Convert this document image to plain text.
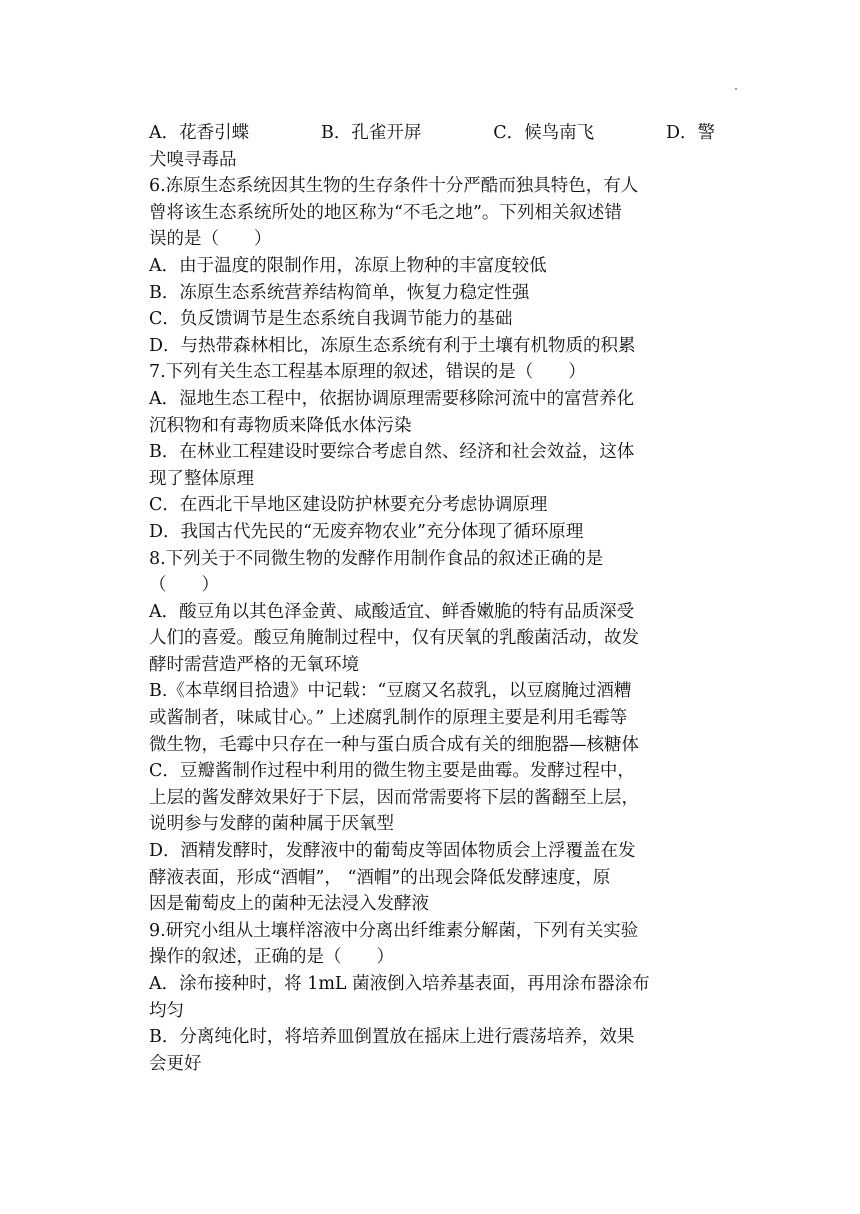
A．花香引蝶	B．孔雀开屏	C．候鸟南飞	D．警
犬嗅寻毒品
6.冻原生态系统因其生物的生存条件十分严酷而独具特色，有人
曾将该生态系统所处的地区称为“不毛之地”。下列相关叙述错
误的是（　　）
A．由于温度的限制作用，冻原上物种的丰富度较低
B．冻原生态系统营养结构简单，恢复力稳定性强
C．负反馈调节是生态系统自我调节能力的基础
D．与热带森林相比，冻原生态系统有利于土壤有机物质的积累
7.下列有关生态工程基本原理的叙述，错误的是（　　）
A．湿地生态工程中，依据协调原理需要移除河流中的富营养化
沉积物和有毒物质来降低水体污染
B．在林业工程建设时要综合考虑自然、经济和社会效益，这体
现了整体原理
C．在西北干旱地区建设防护林要充分考虑协调原理
D．我国古代先民的“无废弃物农业”充分体现了循环原理
8.下列关于不同微生物的发酵作用制作食品的叙述正确的是
（　　）
A．酸豆角以其色泽金黄、咸酸适宜、鲜香嫩脆的特有品质深受
人们的喜爱。酸豆角腌制过程中，仅有厌氧的乳酸菌活动，故发
酵时需营造严格的无氧环境
B.《本草纲目拾遗》中记载：“豆腐又名菽乳，以豆腐腌过酒糟
或酱制者，味咸甘心。” 上述腐乳制作的原理主要是利用毛霉等
微生物，毛霉中只存在一种与蛋白质合成有关的细胞器—核糖体
C．豆瓣酱制作过程中利用的微生物主要是曲霉。发酵过程中，
上层的酱发酵效果好于下层，因而常需要将下层的酱翻至上层，
说明参与发酵的菌种属于厌氧型
D．酒精发酵时，发酵液中的葡萄皮等固体物质会上浮覆盖在发
酵液表面，形成“酒帽”， “酒帽”的出现会降低发酵速度，原
因是葡萄皮上的菌种无法浸入发酵液
9.研究小组从土壤样溶液中分离出纤维素分解菌，下列有关实验
操作的叙述，正确的是（　　）
A．涂布接种时，将 1mL 菌液倒入培养基表面，再用涂布器涂布
均匀
B．分离纯化时，将培养皿倒置放在摇床上进行震荡培养，效果
会更好
